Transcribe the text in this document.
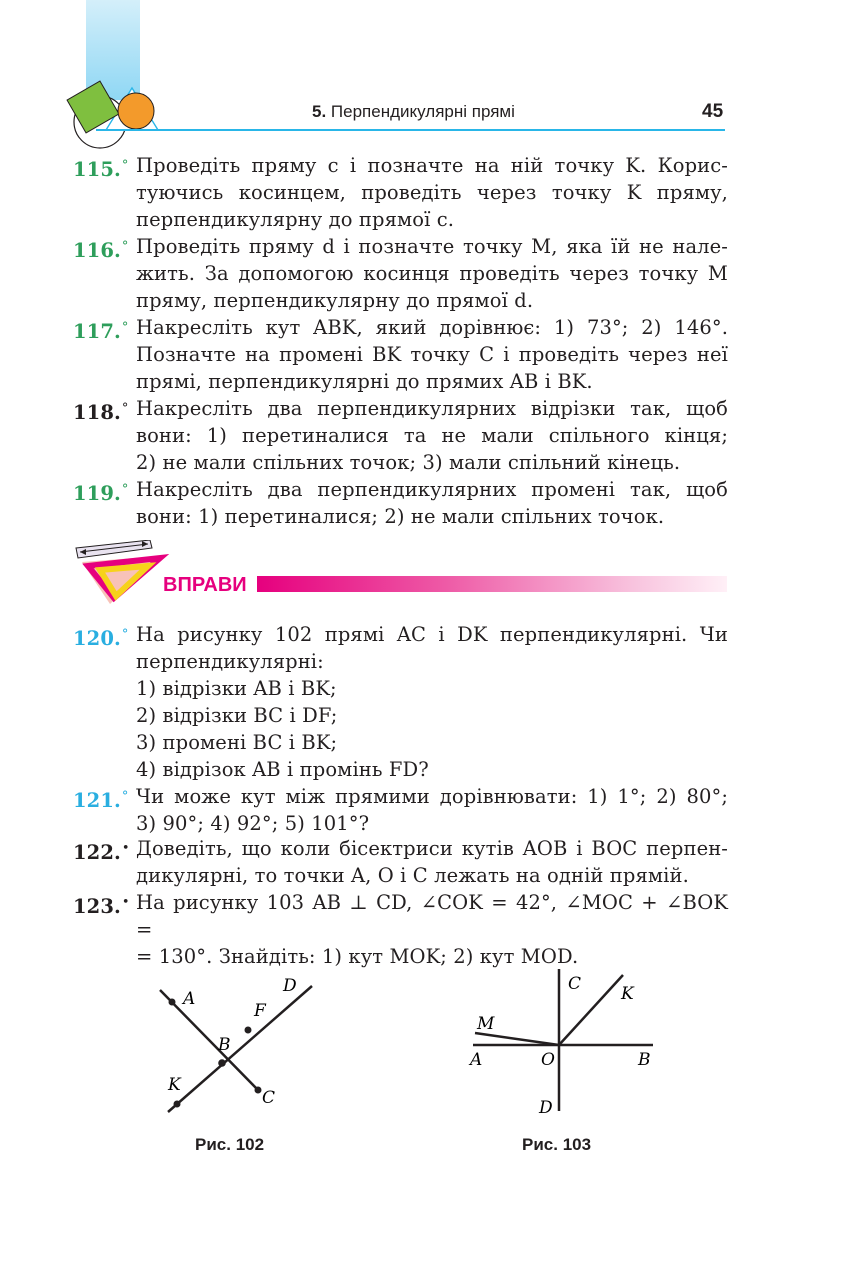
5. Перпендикулярні прямі	45
115.° Проведіть пряму c і позначте на ній точку K. Корис-
туючись косинцем, проведіть через точку K пряму,
перпендикулярну до прямої c.
116.° Проведіть пряму d і позначте точку M, яка їй не нале-
жить. За допомогою косинця проведіть через точку M
пряму, перпендикулярну до прямої d.
117.° Накресліть кут ABK, який дорівнює: 1) 73°; 2) 146°.
Позначте на промені BK точку C і проведіть через неї
прямі, перпендикулярні до прямих AB і BK.
118.° Накресліть два перпендикулярних відрізки так, щоб
вони: 1) перетиналися та не мали спільного кінця;
2) не мали спільних точок; 3) мали спільний кінець.
119.° Накресліть два перпендикулярних промені так, щоб
вони: 1) перетиналися; 2) не мали спільних точок.
ВПРАВИ
120.° На рисунку 102 прямі AC і DK перпендикулярні. Чи
перпендикулярні:
1) відрізки AB і BK;
2) відрізки BC і DF;
3) промені BC і BK;
4) відрізок AB і промінь FD?
121.° Чи може кут між прямими дорівнювати: 1) 1°; 2) 80°;
3) 90°; 4) 92°; 5) 101°?
122.• Доведіть, що коли бісектриси кутів AOB і BOC перпен-
дикулярні, то точки A, O і C лежать на одній прямій.
123.• На рисунку 103 AB ⊥ CD, ∠COK = 42°, ∠MOC + ∠BOK =
= 130°. Знайдіть: 1) кут MOK; 2) кут MOD.
A
D
F
B
K
C
Рис. 102
C K
M
A	O	B
D
Рис. 103
